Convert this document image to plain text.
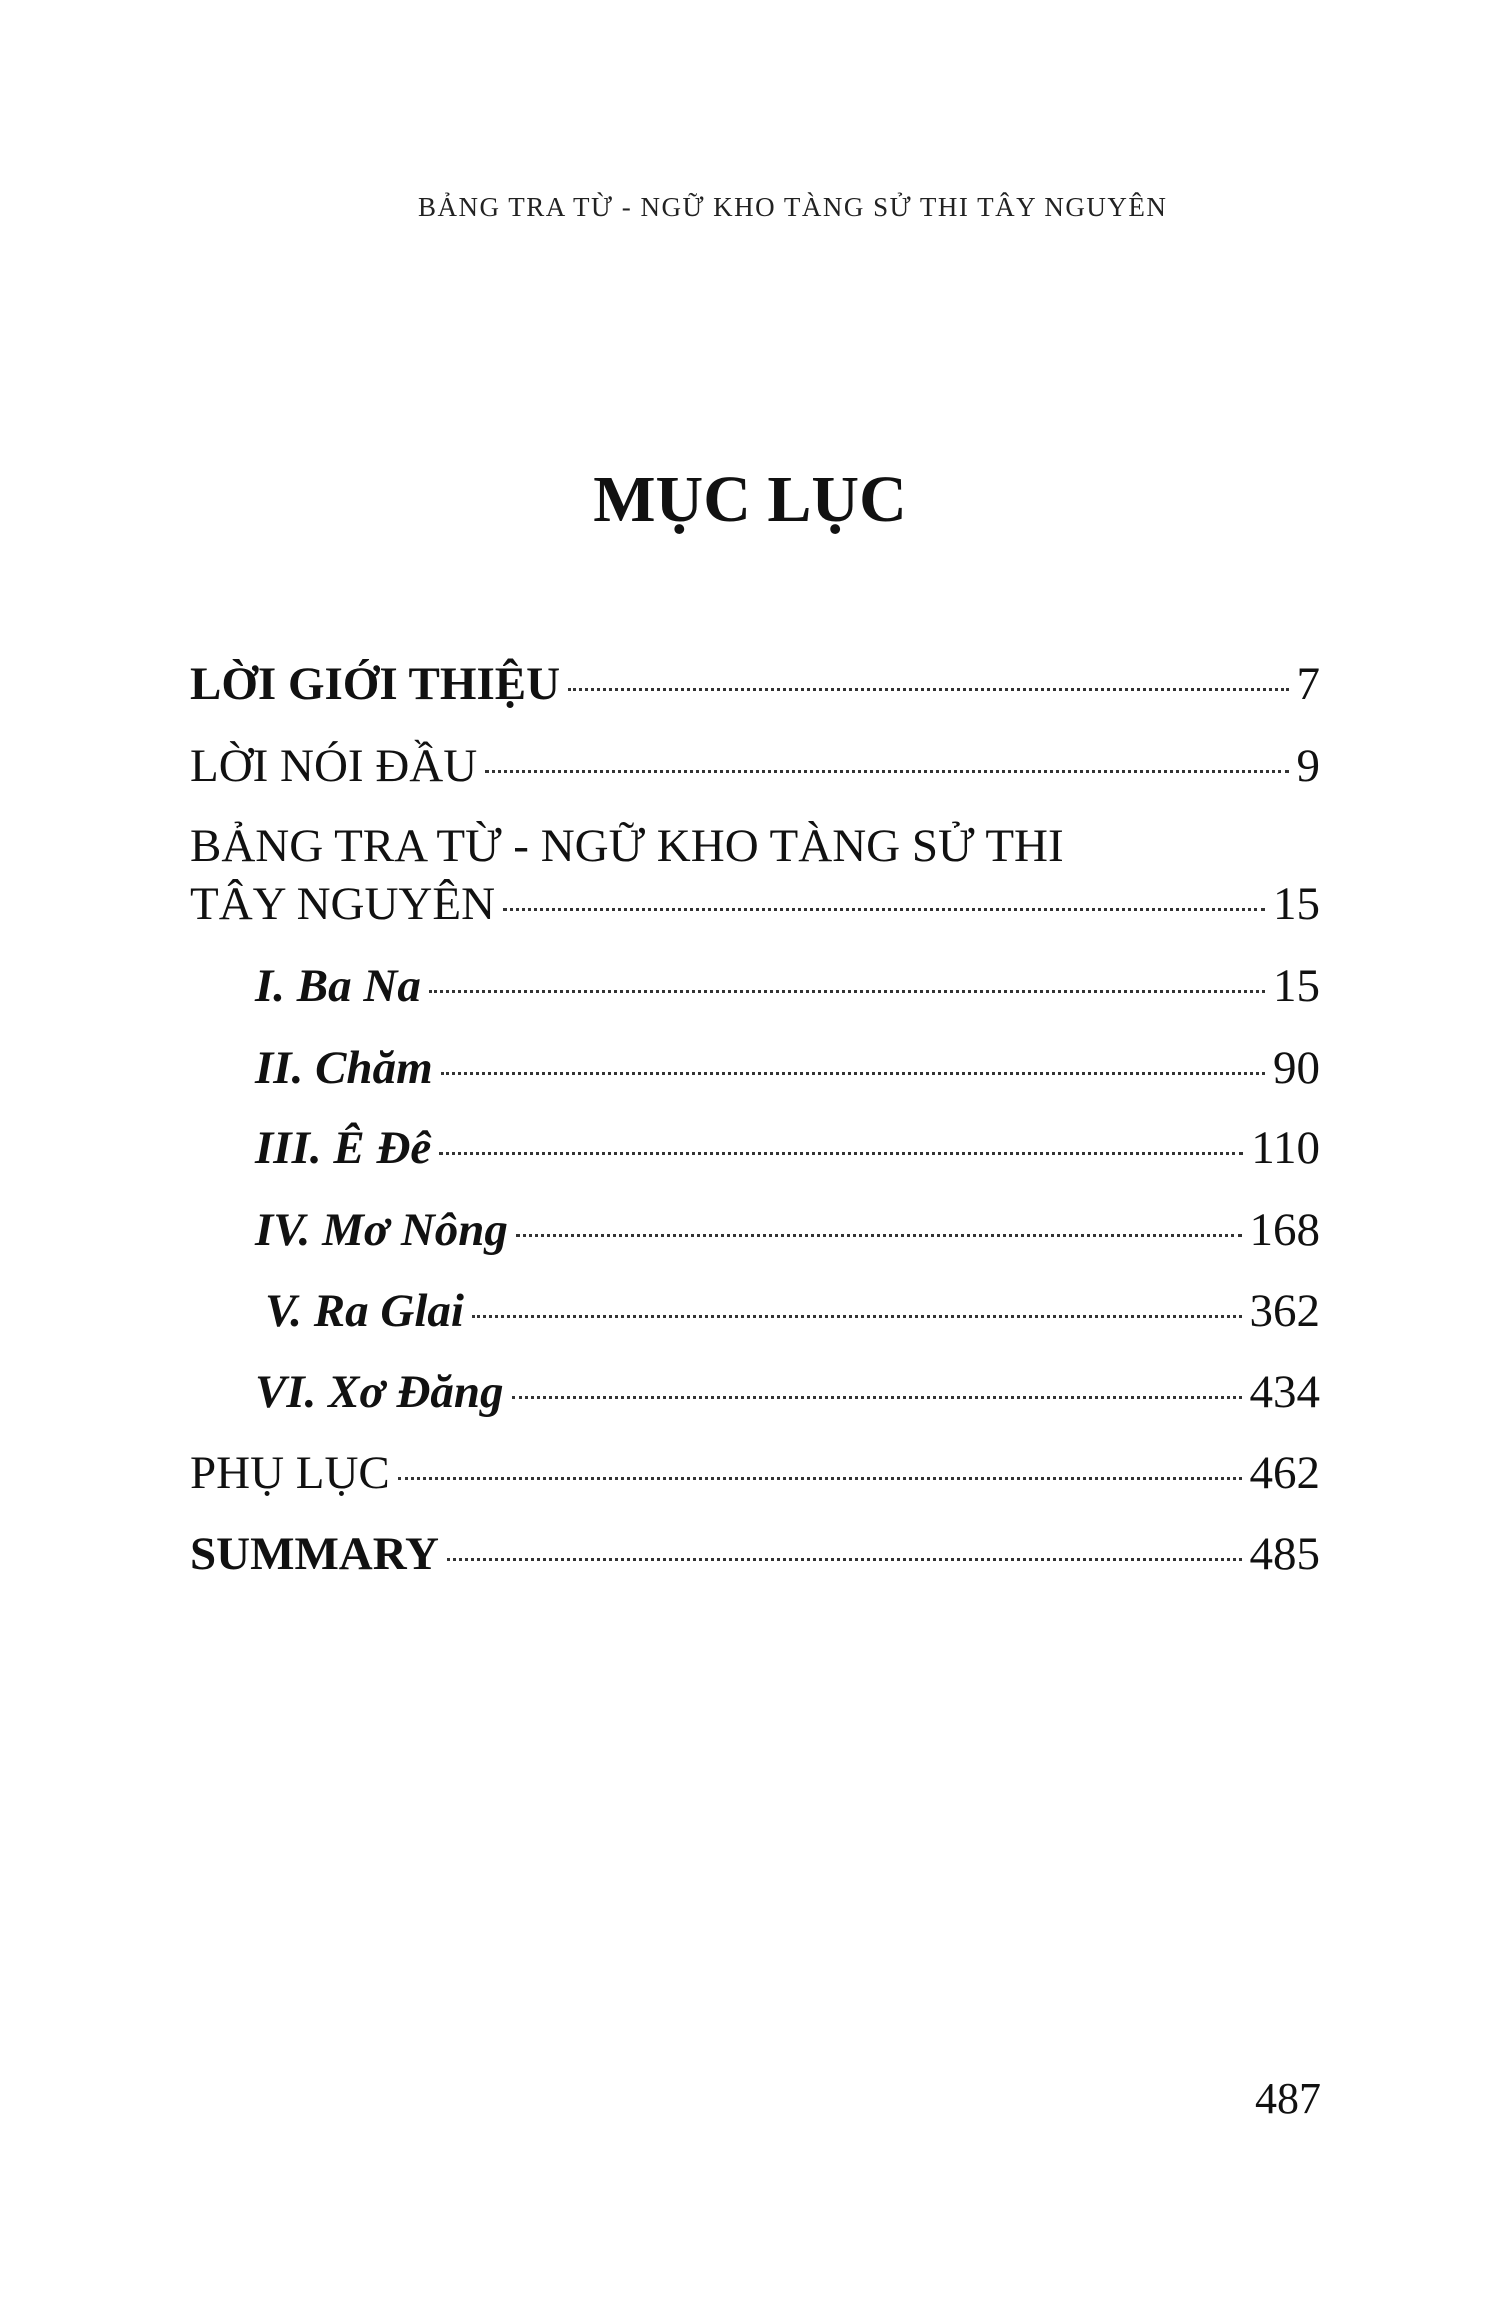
BẢNG TRA TỪ - NGỮ KHO TÀNG SỬ THI TÂY NGUYÊN
MỤC LỤC
LỜI GIỚI THIỆU	7
LỜI NÓI ĐẦU	9
BẢNG TRA TỪ - NGỮ KHO TÀNG SỬ THI
TÂY NGUYÊN	15
I. Ba Na	15
II. Chăm	90
III. Ê Đê	110
IV. Mơ Nông	168
V. Ra Glai	362
VI. Xơ Đăng	434
PHỤ LỤC	462
SUMMARY	485
487
